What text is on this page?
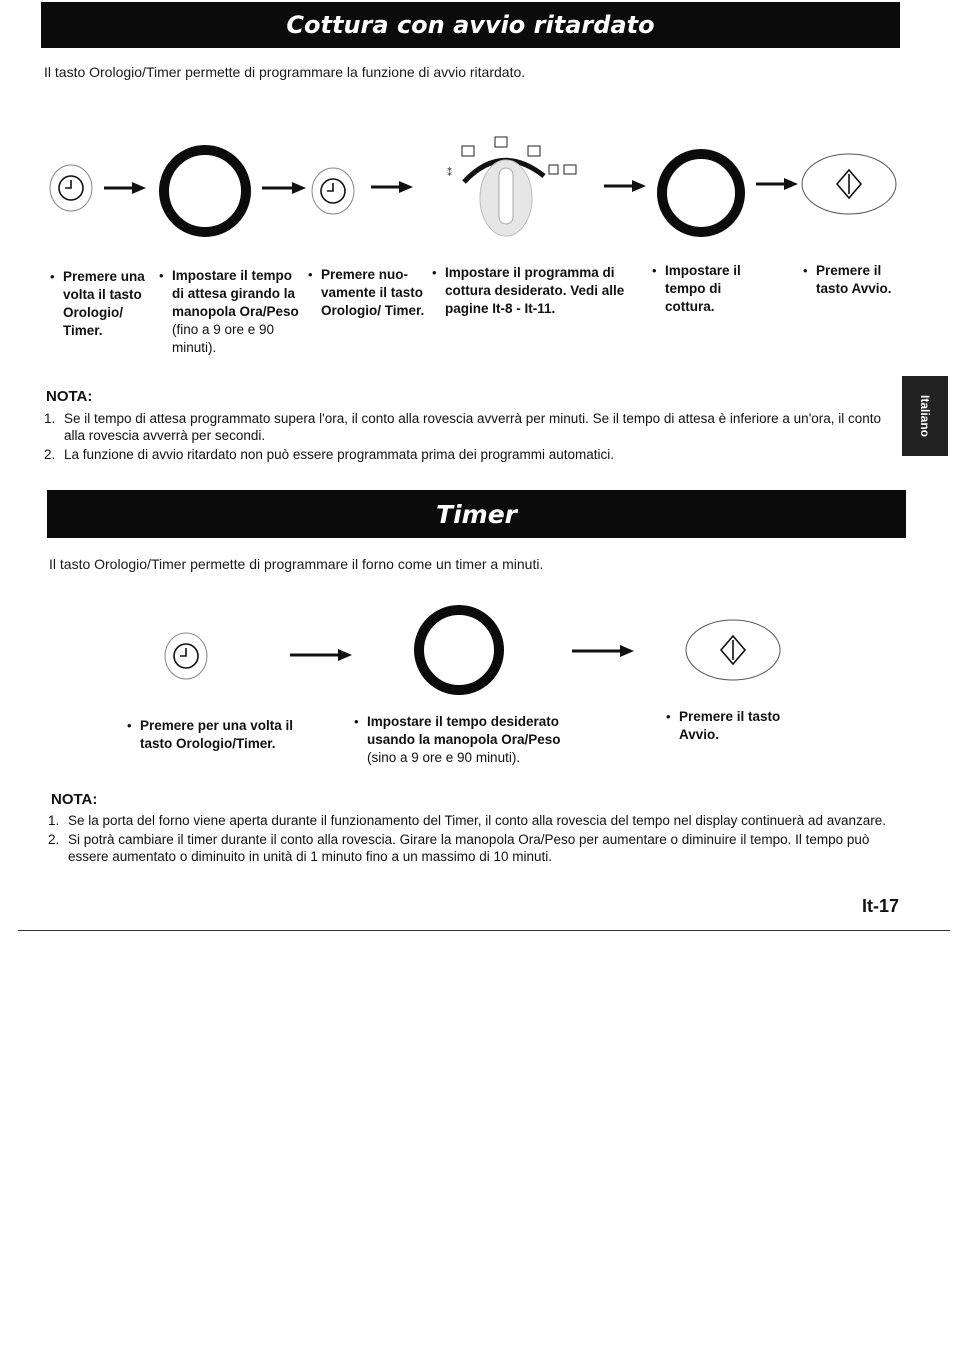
Cottura con avvio ritardato
Il tasto Orologio/Timer permette di programmare la funzione di avvio ritardato.
⁑
• Premere una volta il tasto Orologio/ Timer.
• Impostare il tempo di attesa girando la manopola Ora/Peso (fino a 9 ore e 90 minuti).
• Premere nuo- vamente il tasto Orologio/ Timer.
• Impostare il programma di cottura desiderato. Vedi alle pagine It-8 - It-11.
• Impostare il tempo di cottura.
• Premere il tasto Avvio.
NOTA:
1. Se il tempo di attesa programmato supera l'ora, il conto alla rovescia avverrà per minuti. Se il tempo di attesa è inferiore a un'ora, il conto alla rovescia avverrà per secondi.
2. La funzione di avvio ritardato non può essere programmata prima dei programmi automatici.
Italiano
Timer
Il tasto Orologio/Timer permette di programmare il forno come un timer a minuti.
• Premere per una volta il tasto Orologio/Timer.
• Impostare il tempo desiderato usando la manopola Ora/Peso (sino a 9 ore e 90 minuti).
• Premere il tasto Avvio.
NOTA:
1. Se la porta del forno viene aperta durante il funzionamento del Timer, il conto alla rovescia del tempo nel display continuerà ad avanzare.
2. Si potrà cambiare il timer durante il conto alla rovescia. Girare la manopola Ora/Peso per aumentare o diminuire il tempo. Il tempo può essere aumentato o diminuito in unità di 1 minuto fino a un massimo di 10 minuti.
It-17
